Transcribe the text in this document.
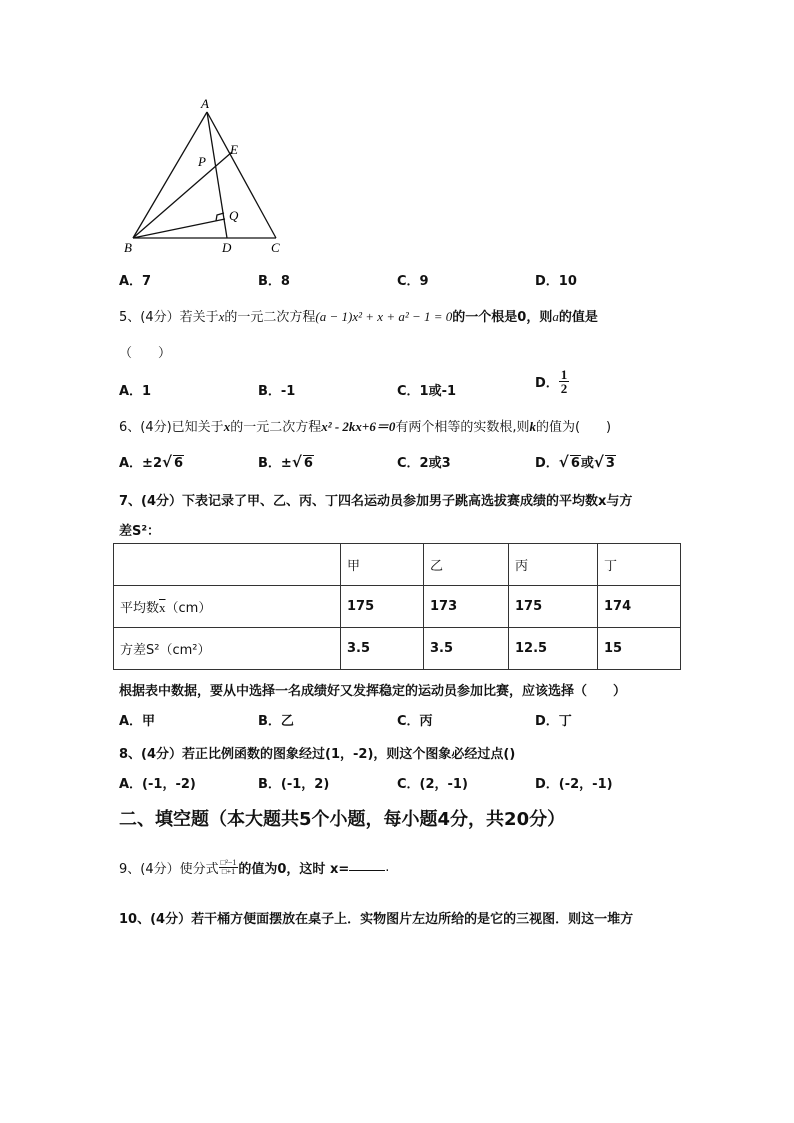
A
E
P
Q
B	D	C
A．7	B．8	C．9	D．10
5、(4分）若关于x的一元二次方程(a − 1)x² + x + a² − 1 = 0的一个根是0，则a的值是
（　　）
A．1	B．-1	C．1或-1
D． $\frac{1}{2}$
6、(4分)已知关于x的一元二次方程x² - 2kx+6＝0有两个相等的实数根,则k的值为(　　)
A．±2√ 6	B．±√ 6	C．2或3	D．√ 6或√ 3
7、(4分）下表记录了甲、乙、丙、丁四名运动员参加男子跳高选拔赛成绩的平均数x与方
差S²：
	甲	乙	丙	丁
平均数$\overline{x}(cm)$	175	173	175	174
方差S²（cm²）	3.5	3.5	12.5	15
根据表中数据，要从中选择一名成绩好又发挥稳定的运动员参加比赛，应该选择（　　）
A．甲	B．乙	C．丙	D．丁
8、(4分）若正比例函数的图象经过(1，-2)，则这个图象必经过点()
A．(-1，-2)	B．(-1，2)	C．(2，-1)	D．(-2，-1)
二、填空题（本大题共5个小题，每小题4分，共20分）
9、(4分）使分式 $\frac{\text{□²−1}}{□+1}$ 的值为0，这时 x=	.
10、(4分）若干桶方便面摆放在桌子上．实物图片左边所给的是它的三视图．则这一堆方
